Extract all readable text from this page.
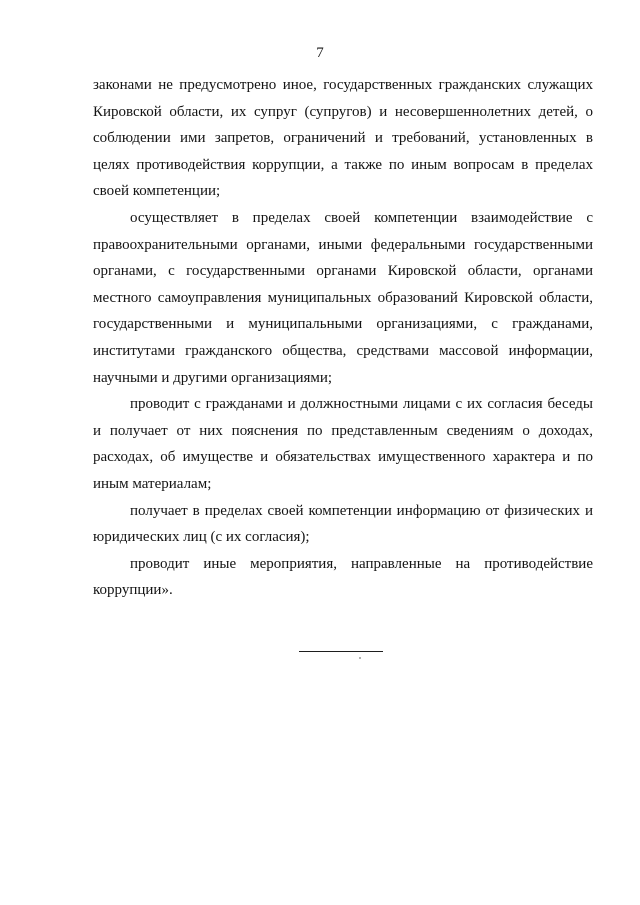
7

законами не предусмотрено иное, государственных гражданских служащих Кировской области, их супруг (супругов) и несовершеннолетних детей, о соблюдении ими запретов, ограничений и требований, установленных в целях противодействия коррупции, а также по иным вопросам в пределах своей компетенции;

осуществляет в пределах своей компетенции взаимодействие с правоохранительными органами, иными федеральными государственными органами, с государственными органами Кировской области, органами местного самоуправления муниципальных образований Кировской области, государственными и муниципальными организациями, с гражданами, институтами гражданского общества, средствами массовой информации, научными и другими организациями;

проводит с гражданами и должностными лицами с их согласия беседы и получает от них пояснения по представленным сведениям о доходах, расходах, об имуществе и обязательствах имущественного характера и по иным материалам;

получает в пределах своей компетенции информацию от физических и юридических лиц (с их согласия);

проводит иные мероприятия, направленные на противодействие коррупции».
